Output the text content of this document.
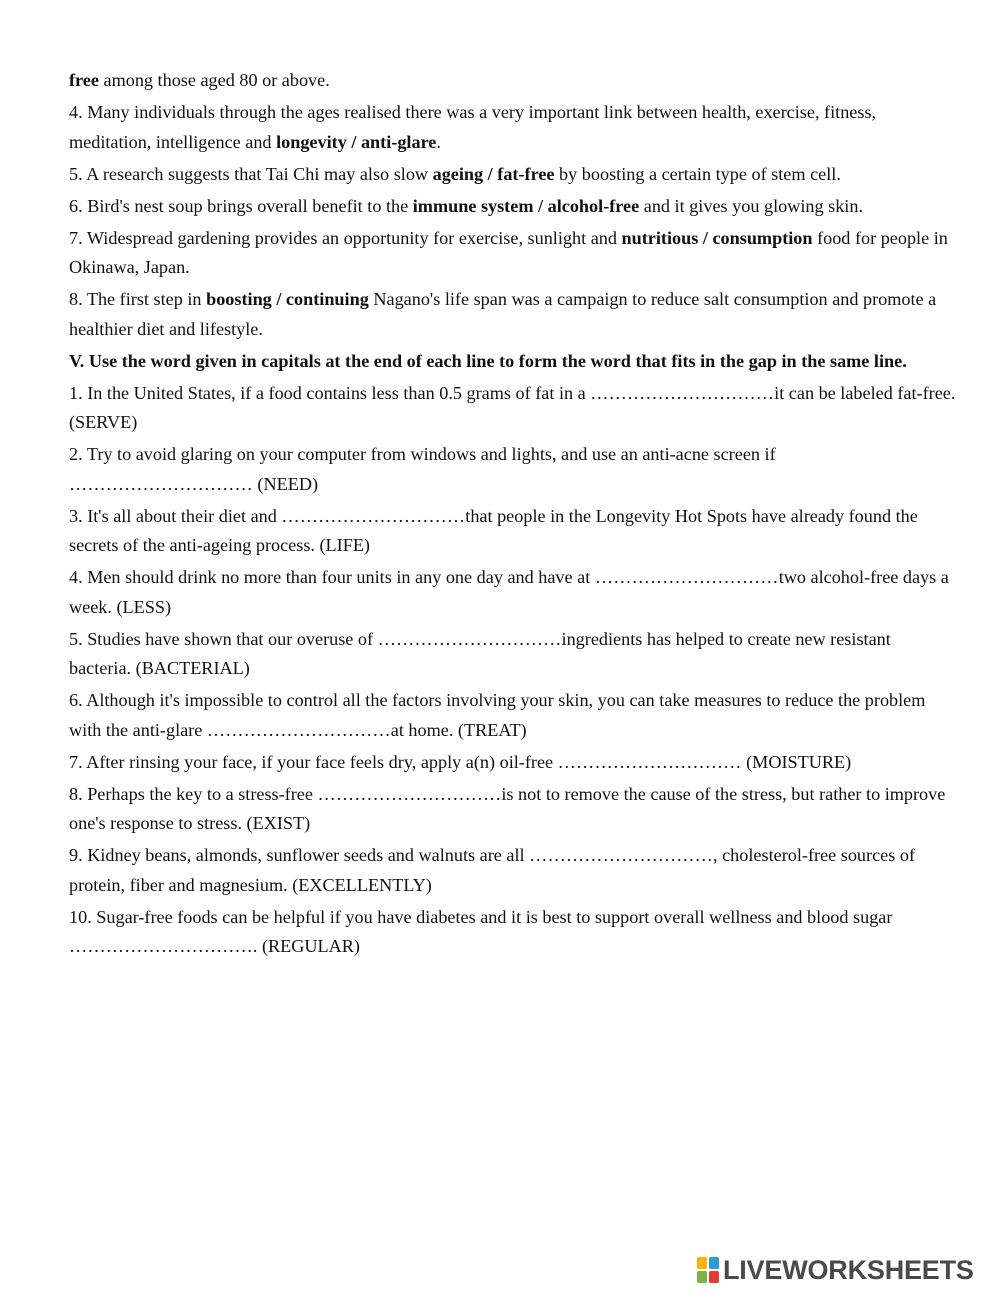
free among those aged 80 or above.

4. Many individuals through the ages realised there was a very important link between health, exercise, fitness, meditation, intelligence and longevity / anti-glare.

5. A research suggests that Tai Chi may also slow ageing / fat-free by boosting a certain type of stem cell.

6. Bird's nest soup brings overall benefit to the immune system / alcohol-free and it gives you glowing skin.

7. Widespread gardening provides an opportunity for exercise, sunlight and nutritious / consumption food for people in Okinawa, Japan.

8. The first step in boosting / continuing Nagano's life span was a campaign to reduce salt consumption and promote a healthier diet and lifestyle.

V. Use the word given in capitals at the end of each line to form the word that fits in the gap in the same line.

1. In the United States, if a food contains less than 0.5 grams of fat in a …………………………it can be labeled fat-free. (SERVE)

2. Try to avoid glaring on your computer from windows and lights, and use an anti-acne screen if ………………………… (NEED)

3. It's all about their diet and …………………………that people in the Longevity Hot Spots have already found the secrets of the anti-ageing process. (LIFE)

4. Men should drink no more than four units in any one day and have at …………………………two alcohol-free days a week. (LESS)

5. Studies have shown that our overuse of …………………………ingredients has helped to create new resistant bacteria. (BACTERIAL)

6. Although it's impossible to control all the factors involving your skin, you can take measures to reduce the problem with the anti-glare …………………………at home. (TREAT)

7. After rinsing your face, if your face feels dry, apply a(n) oil-free ………………………… (MOISTURE)

8. Perhaps the key to a stress-free …………………………is not to remove the cause of the stress, but rather to improve one's response to stress. (EXIST)

9. Kidney beans, almonds, sunflower seeds and walnuts are all …………………………, cholesterol-free sources of protein, fiber and magnesium. (EXCELLENTLY)

10. Sugar-free foods can be helpful if you have diabetes and it is best to support overall wellness and blood sugar …………………………. (REGULAR)

LIVEWORKSHEETS
